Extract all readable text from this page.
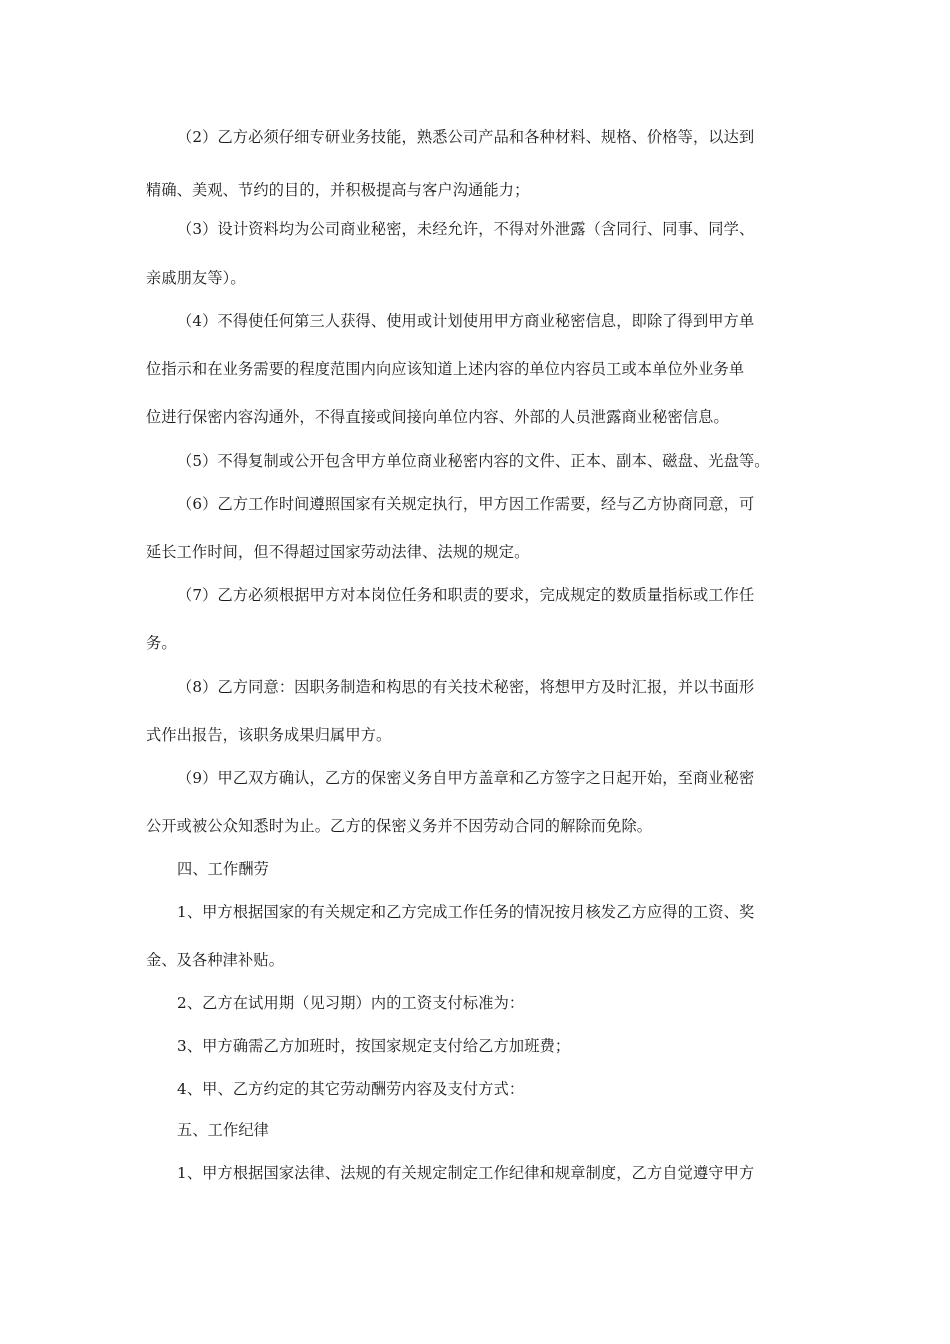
（2）乙方必须仔细专研业务技能，熟悉公司产品和各种材料、规格、价格等，以达到
精确、美观、节约的目的，并积极提高与客户沟通能力；
（3）设计资料均为公司商业秘密，未经允许，不得对外泄露（含同行、同事、同学、
亲戚朋友等）。
（4）不得使任何第三人获得、使用或计划使用甲方商业秘密信息，即除了得到甲方单
位指示和在业务需要的程度范围内向应该知道上述内容的单位内容员工或本单位外业务单
位进行保密内容沟通外，不得直接或间接向单位内容、外部的人员泄露商业秘密信息。
（5）不得复制或公开包含甲方单位商业秘密内容的文件、正本、副本、磁盘、光盘等。
（6）乙方工作时间遵照国家有关规定执行，甲方因工作需要，经与乙方协商同意，可
延长工作时间，但不得超过国家劳动法律、法规的规定。
（7）乙方必须根据甲方对本岗位任务和职责的要求，完成规定的数质量指标或工作任
务。
（8）乙方同意：因职务制造和构思的有关技术秘密，将想甲方及时汇报，并以书面形
式作出报告，该职务成果归属甲方。
（9）甲乙双方确认，乙方的保密义务自甲方盖章和乙方签字之日起开始，至商业秘密
公开或被公众知悉时为止。乙方的保密义务并不因劳动合同的解除而免除。
四、工作酬劳
1、甲方根据国家的有关规定和乙方完成工作任务的情况按月核发乙方应得的工资、奖
金、及各种津补贴。
2、乙方在试用期（见习期）内的工资支付标准为：
3、甲方确需乙方加班时，按国家规定支付给乙方加班费；
4、甲、乙方约定的其它劳动酬劳内容及支付方式：
五、工作纪律
1、甲方根据国家法律、法规的有关规定制定工作纪律和规章制度，乙方自觉遵守甲方
